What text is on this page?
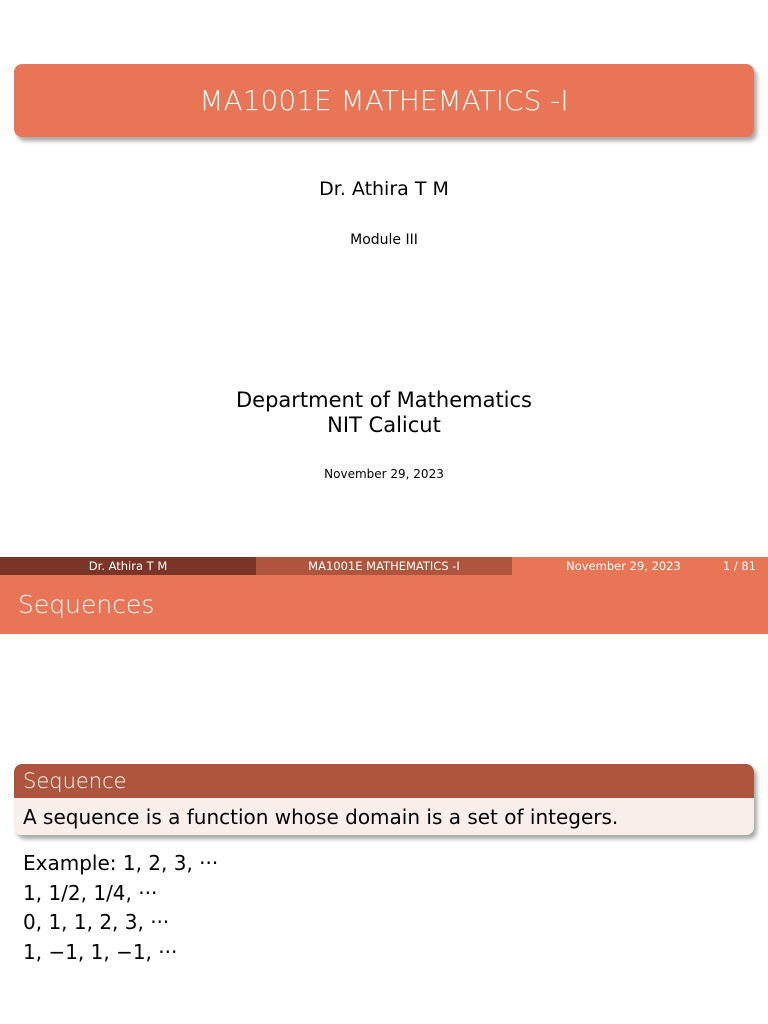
MA1001E MATHEMATICS -I
Dr. Athira T M
Module III
Department of Mathematics
NIT Calicut
November 29, 2023
Dr. Athira T M	MA1001E MATHEMATICS -I	November 29, 2023	1 / 81
Sequences
Sequence
A sequence is a function whose domain is a set of integers.
Example: 1, 2, 3, ···
1, 1/2, 1/4, ···
0, 1, 1, 2, 3, ···
1, −1, 1, −1, ···
